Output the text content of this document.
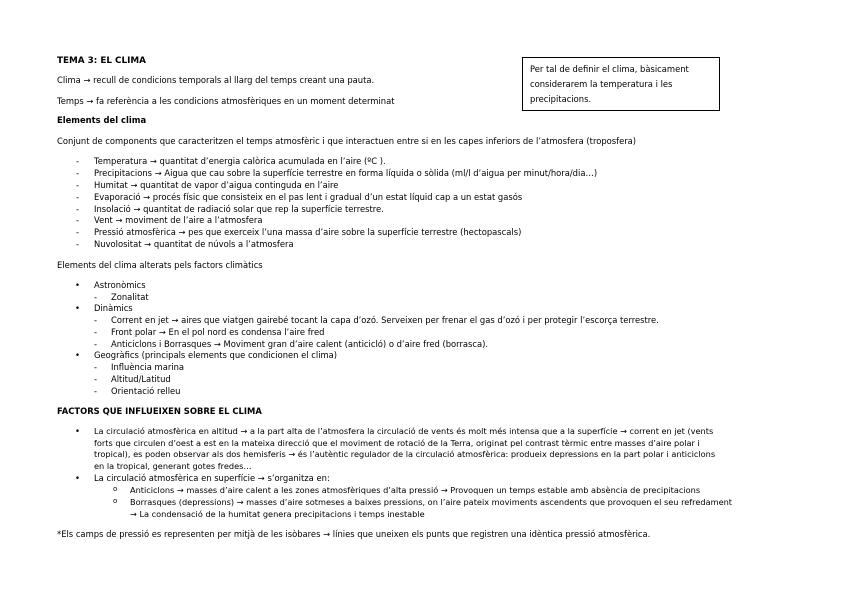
TEMA 3: EL CLIMA
Clima → recull de condicions temporals al llarg del temps creant una pauta.
Temps → fa referència a les condicions atmosfèriques en un moment determinat
Per tal de definir el clima, bàsicament
considerarem la temperatura i les
precipitacions.
Elements del clima
Conjunt de components que caracteritzen el temps atmosfèric i que interactuen entre si en les capes inferiors de l’atmosfera (troposfera)
- Temperatura → quantitat d’energia calòrica acumulada en l’aire (ºC ).
- Precipitacions → Aigua que cau sobre la superfície terrestre en forma líquida o sòlida (ml/l d’aigua per minut/hora/dia…)
- Humitat → quantitat de vapor d’aigua continguda en l’aire
- Evaporació → procés físic que consisteix en el pas lent i gradual d’un estat líquid cap a un estat gasós
- Insolació → quantitat de radiació solar que rep la superfície terrestre.
- Vent → moviment de l’aire a l’atmosfera
- Pressió atmosfèrica → pes que exerceix l’una massa d’aire sobre la superfície terrestre (hectopascals)
- Nuvolositat → quantitat de núvols a l’atmosfera
Elements del clima alterats pels factors climàtics
• Astronòmics
- Zonalitat
• Dinàmics
- Corrent en jet → aires que viatgen gairebé tocant la capa d’ozó. Serveixen per frenar el gas d’ozó i per protegir l’escorça terrestre.
- Front polar → En el pol nord es condensa l’aire fred
- Anticiclons i Borrasques → Moviment gran d’aire calent (anticicló) o d’aire fred (borrasca).
• Geogràfics (principals elements que condicionen el clima)
- Influència marina
- Altitud/Latitud
- Orientació relleu
FACTORS QUE INFLUEIXEN SOBRE EL CLIMA
• La circulació atmosfèrica en altitud → a la part alta de l’atmosfera la circulació de vents és molt més intensa que a la superfície → corrent en jet (vents
forts que circulen d’oest a est en la mateixa direcció que el moviment de rotació de la Terra, originat pel contrast tèrmic entre masses d’aire polar i
tropical), es poden observar als dos hemisferis → és l’autèntic regulador de la circulació atmosfèrica: produeix depressions en la part polar i anticiclons
en la tropical, generant gotes fredes…
• La circulació atmosfèrica en superfície → s’organitza en:
o Anticiclons → masses d’aire calent a les zones atmosfèriques d’alta pressió → Provoquen un temps estable amb absència de precipitacions
o Borrasques (depressions) → masses d’aire sotmeses a baixes pressions, on l’aire pateix moviments ascendents que provoquen el seu refredament
→ La condensació de la humitat genera precipitacions i temps inestable
*Els camps de pressió es representen per mitjà de les isòbares → línies que uneixen els punts que registren una idèntica pressió atmosfèrica.
